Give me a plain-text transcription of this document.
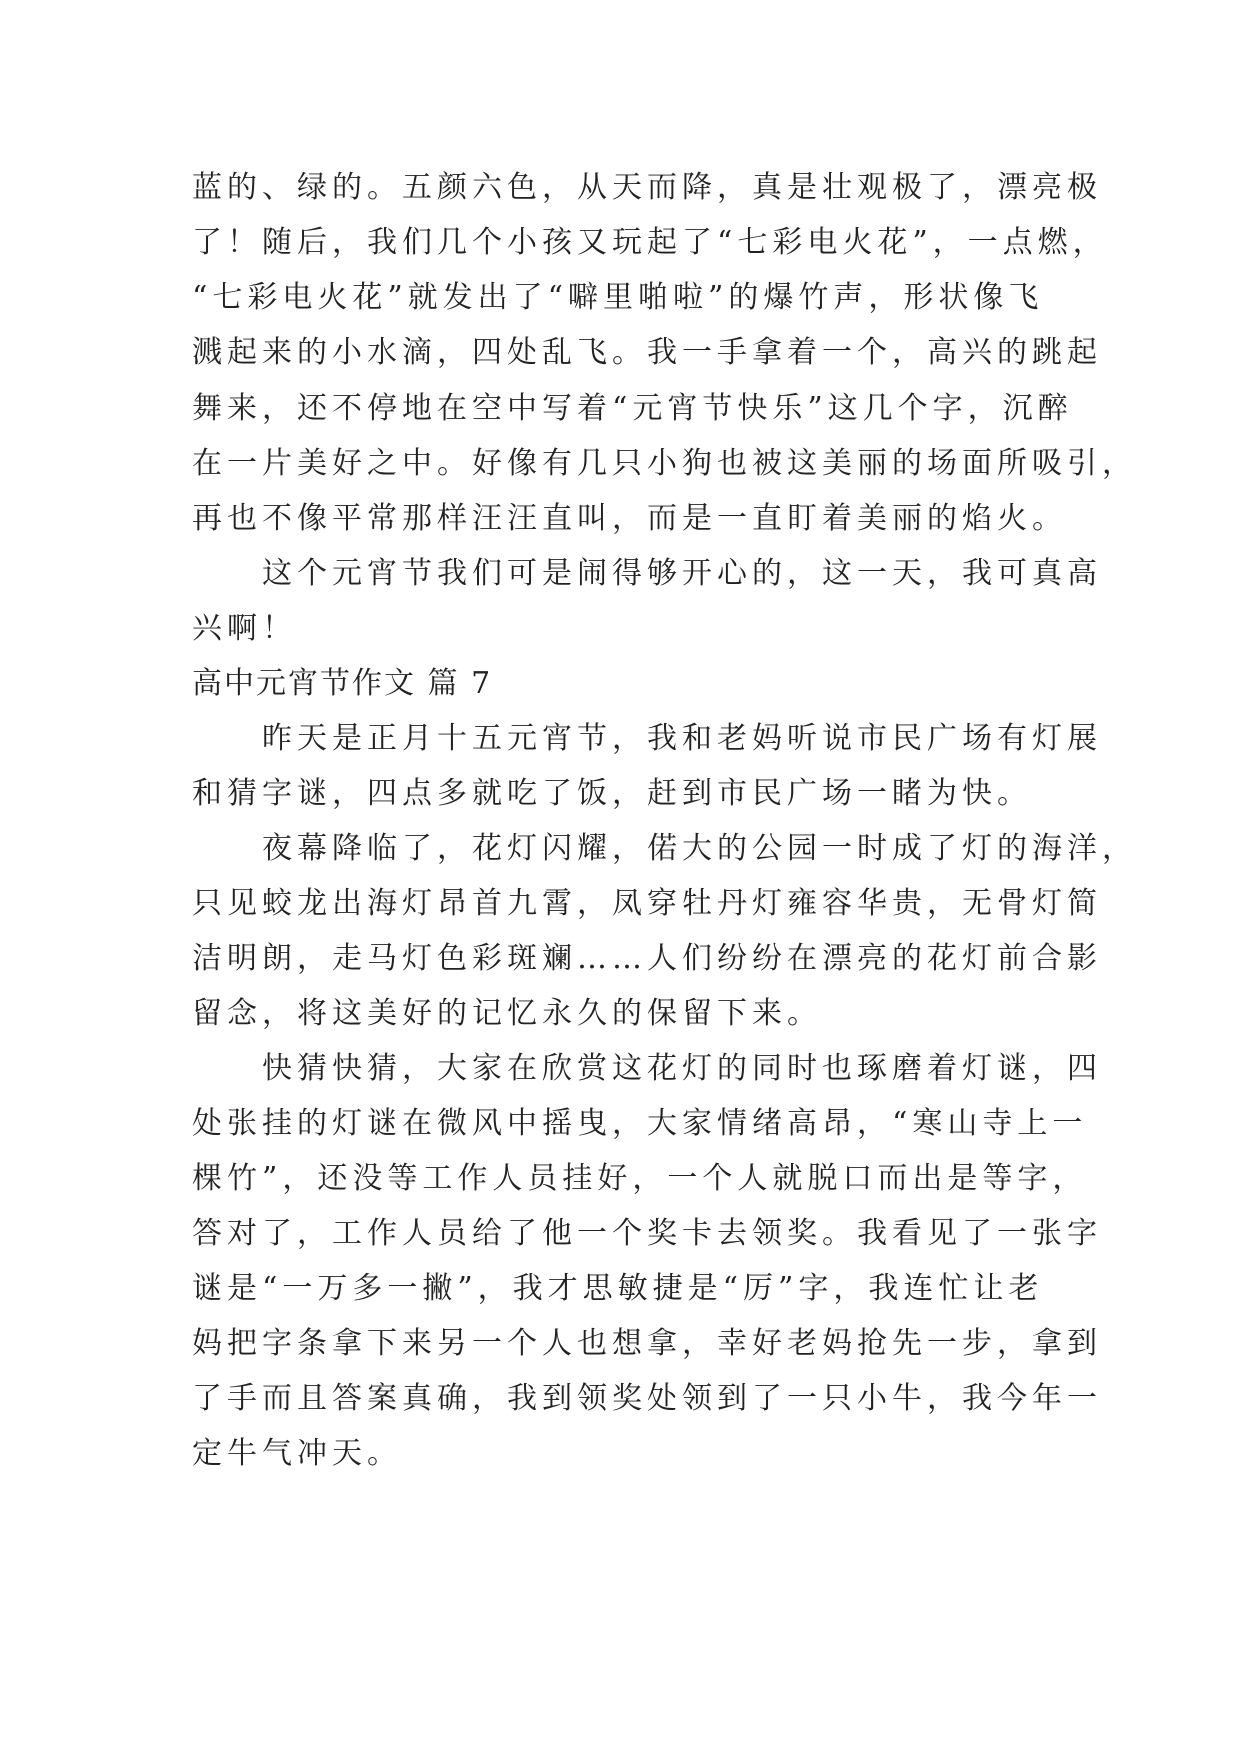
蓝的、绿的。五颜六色，从天而降，真是壮观极了，漂亮极
了！随后，我们几个小孩又玩起了“七彩电火花”，一点燃，
“七彩电火花”就发出了“噼里啪啦”的爆竹声，形状像飞
溅起来的小水滴，四处乱飞。我一手拿着一个，高兴的跳起
舞来，还不停地在空中写着“元宵节快乐”这几个字，沉醉
在一片美好之中。好像有几只小狗也被这美丽的场面所吸引，
再也不像平常那样汪汪直叫，而是一直盯着美丽的焰火。
　　这个元宵节我们可是闹得够开心的，这一天，我可真高
兴啊！
高中元宵节作文 篇 7
　　昨天是正月十五元宵节，我和老妈听说市民广场有灯展
和猜字谜，四点多就吃了饭，赶到市民广场一睹为快。
　　夜幕降临了，花灯闪耀，偌大的公园一时成了灯的海洋，
只见蛟龙出海灯昂首九霄，凤穿牡丹灯雍容华贵，无骨灯简
洁明朗，走马灯色彩斑斓……人们纷纷在漂亮的花灯前合影
留念，将这美好的记忆永久的保留下来。
　　快猜快猜，大家在欣赏这花灯的同时也琢磨着灯谜，四
处张挂的灯谜在微风中摇曳，大家情绪高昂，“寒山寺上一
棵竹”，还没等工作人员挂好，一个人就脱口而出是等字，
答对了，工作人员给了他一个奖卡去领奖。我看见了一张字
谜是“一万多一撇”，我才思敏捷是“厉”字，我连忙让老
妈把字条拿下来另一个人也想拿，幸好老妈抢先一步，拿到
了手而且答案真确，我到领奖处领到了一只小牛，我今年一
定牛气冲天。
